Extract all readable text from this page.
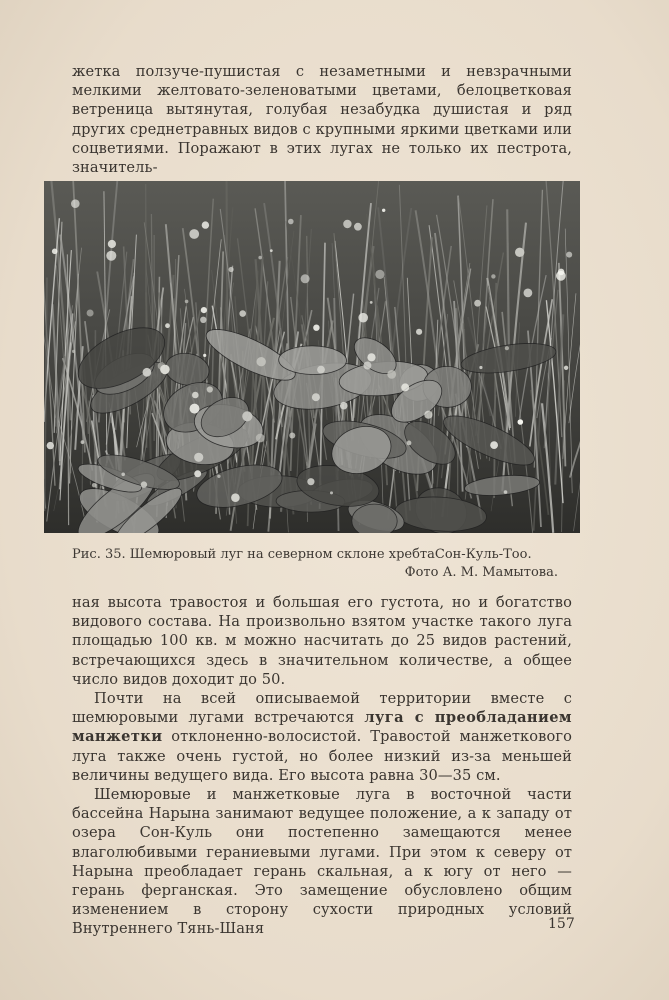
жетка ползуче-пушистая с незаметными и невзрачными мелкими желтовато-зеленоватыми цветами, белоцветковая ветреница вытянутая, голубая незабудка душистая и ряд других среднетравных видов с крупными яркими цветками или соцветиями. Поражают в этих лугах не только их пестрота, значитель-

Рис. 35. Шемюровый луг на северном склоне хребтаСон-Куль-Тоо.
Фото А. М. Мамытова.

ная высота травостоя и большая его густота, но и богатство видового состава. На произвольно взятом участке такого луга площадью 100 кв. м можно насчитать до 25 видов растений, встречающихся здесь в значительном количестве, а общее число видов доходит до 50.

Почти на всей описываемой территории вместе с шемюровыми лугами встречаются луга с преобладанием манжетки отклоненно-волосистой. Травостой манжеткового луга также очень густой, но более низкий из-за меньшей величины ведущего вида. Его высота равна 30—35 см.

Шемюровые и манжетковые луга в восточной части бассейна Нарына занимают ведущее положение, а к западу от озера Сон-Куль они постепенно замещаются менее влаголюбивыми гераниевыми лугами. При этом к северу от Нарына преобладает герань скальная, а к югу от него — герань ферганская. Это замещение обусловлено общим изменением в сторону сухости природных условий Внутреннего Тянь-Шаня	157
